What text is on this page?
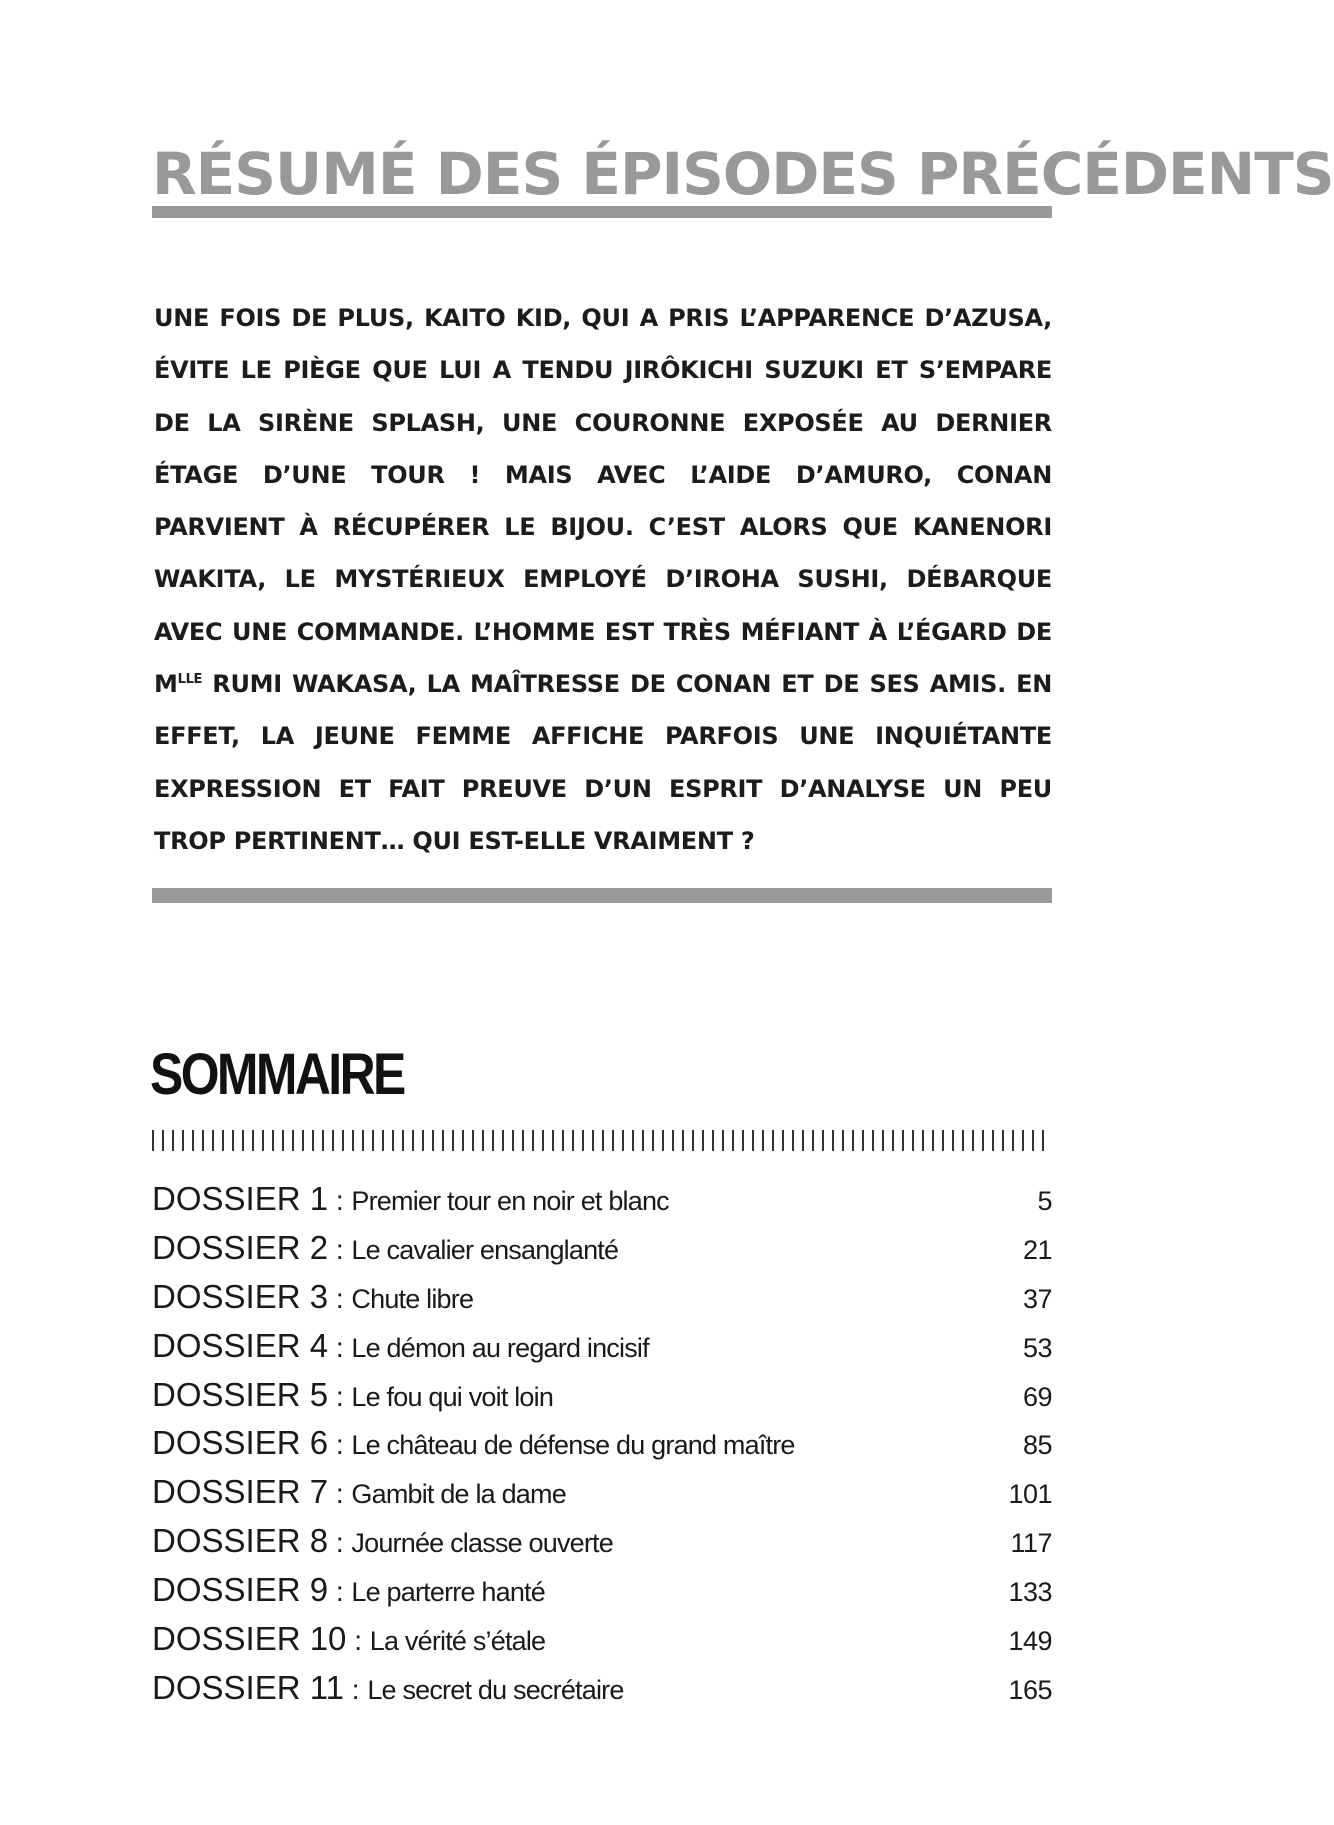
RÉSUMÉ DES ÉPISODES PRÉCÉDENTS

UNE FOIS DE PLUS, KAITO KID, QUI A PRIS L’APPARENCE D’AZUSA, ÉVITE LE PIÈGE QUE LUI A TENDU JIRÔKICHI SUZUKI ET S’EMPARE DE LA SIRÈNE SPLASH, UNE COURONNE EXPOSÉE AU DERNIER ÉTAGE D’UNE TOUR ! MAIS AVEC L’AIDE D’AMURO, CONAN PARVIENT À RÉCUPÉRER LE BIJOU. C’EST ALORS QUE KANENORI WAKITA, LE MYSTÉRIEUX EMPLOYÉ D’IROHA SUSHI, DÉBARQUE AVEC UNE COMMANDE. L’HOMME EST TRÈS MÉFIANT À L’ÉGARD DE $M^{LLE}$ RUMI WAKASA, LA MAÎTRESSE DE CONAN ET DE SES AMIS. EN EFFET, LA JEUNE FEMME AFFICHE PARFOIS UNE INQUIÉTANTE EXPRESSION ET FAIT PREUVE D’UN ESPRIT D’ANALYSE UN PEU TROP PERTINENT… QUI EST-ELLE VRAIMENT ?

SOMMAIRE
DOSSIER 1 : Premier tour en noir et blanc	5
DOSSIER 2 : Le cavalier ensanglanté	21
DOSSIER 3 : Chute libre	37
DOSSIER 4 : Le démon au regard incisif	53
DOSSIER 5 : Le fou qui voit loin	69
DOSSIER 6 : Le château de défense du grand maître	85
DOSSIER 7 : Gambit de la dame	101
DOSSIER 8 : Journée classe ouverte	117
DOSSIER 9 : Le parterre hanté	133
DOSSIER 10 : La vérité s’étale	149
DOSSIER 11 : Le secret du secrétaire	165
